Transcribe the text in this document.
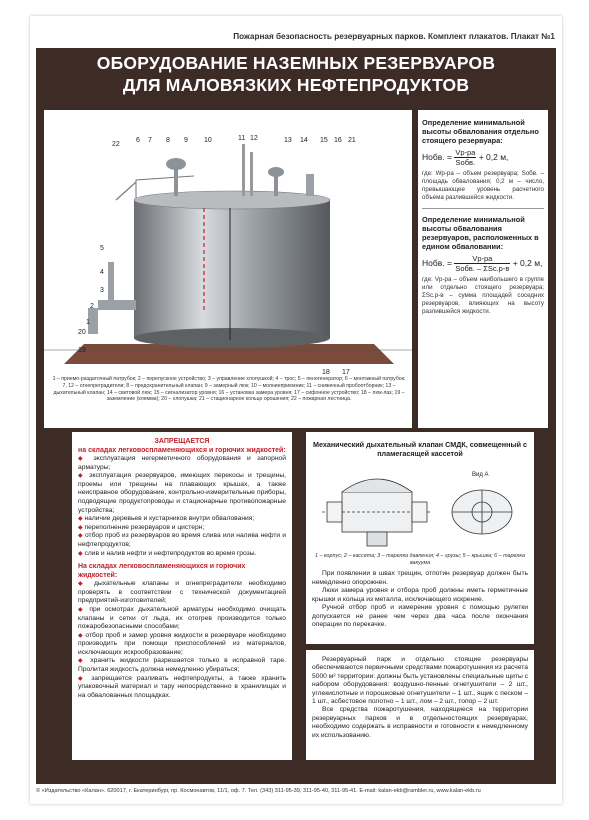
Пожарная безопасность резервуарных парков. Комплект плакатов. Плакат №1
ОБОРУДОВАНИЕ НАЗЕМНЫХ РЕЗЕРВУАРОВ
ДЛЯ МАЛОВЯЗКИХ НЕФТЕПРОДУКТОВ
22
6 7 8 9 10	11 12	13 14 15 16 21
5
4
3
2
1
20
19
18 17
1 – приемо-раздаточный патрубок; 2 – перепускное устройство; 3 – управление хлопушкой; 4 – трос; 5 – пеногенератор; 6 – монтажный патрубок; 7, 12 – огнепреградители; 8 – предохранительный клапан; 9 – замерный люк; 10 – молниеприемник; 11 – сниженный пробоотборник; 13 – дыхательный клапан; 14 – световой люк; 15 – сигнализатор уровня; 16 – установка замера уровня; 17 – сифонное устройство; 18 – люк-лаз; 19 – заземление (клемма); 20 – хлопушка; 21 – стационарное кольцо орошения; 22 – пожарная лестница.
Определение минимальной высоты обвалования отдельно стоящего резервуара:
Hобв. = $\frac{Vр-ра}{\text{Sобв.}} + 0,2$ м,
где: Wр-ра – объем резервуара; Sобв. – площадь обвалования; 0,2 м – число, превышающее уровень расчетного объема разлившейся жидкости.
Определение минимальной высоты обвалования резервуаров, расположенных в едином обваловании:
Hобв. = $\frac{Vр-ра}{\text{Sобв. – ΣSс.р-в}} + 0,2$ м,
где: Vр-ра – объем наибольшего в группе или отдельно стоящего резервуара; ΣSс.р-в – сумма площадей соседних резервуаров, влияющих на высоту разлившейся жидкости.
ЗАПРЕЩАЕТСЯ
на складах легковоспламеняющихся и горючих жидкостей:
◆ эксплуатация негерметичного оборудования и запорной арматуры;
◆ эксплуатация резервуаров, имеющих перекосы и трещины, проемы или трещины на плавающих крышах, а также неисправное оборудование, контрольно-измерительные приборы, подводящие продуктопроводы и стационарные противопожарные устройства;
◆ наличие деревьев и кустарников внутри обвалования;
◆ переполнение резервуаров и цистерн;
◆ отбор проб из резервуаров во время слива или налива нефти и нефтепродуктов;
◆ слив и налив нефти и нефтепродуктов во время грозы.
На складах легковоспламеняющихся и горючих жидкостей:
◆ дыхательные клапаны и огнепреградители необходимо проверять в соответствии с технической документацией предприятий-изготовителей;
◆ при осмотрах дыхательной арматуры необходимо очищать клапаны и сетки от льда, их отогрев производится только пожаробезопасными способами;
◆ отбор проб и замер уровня жидкости в резервуаре необходимо производить при помощи приспособлений из материалов, исключающих искрообразование;
◆ хранить жидкости разрешается только в исправной таре. Пролитая жидкость должна немедленно убираться;
◆ запрещается разливать нефтепродукты, а также хранить упаковочный материал и тару непосредственно в хранилищах и на обвалованных площадках.
Механический дыхательный клапан СМДК, совмещенный с пламегасящей кассетой
Вид А
1 – корпус; 2 – кассета; 3 – тарелка давления; 4 – грузы; 5 – крышка; 6 – тарелка вакуума
При появлении в швах трещин, отпотин резервуар должен быть немедленно опорожнен.
Люки замера уровня и отбора проб должны иметь герметичные крышки и кольца из металла, исключающего искрение.
Ручной отбор проб и измерение уровня с помощью рулетки допускается не ранее чем через два часа после окончания операции по перекачке.
Резервуарный парк и отдельно стоящие резервуары обеспечиваются первичными средствами пожаротушения из расчета 5000 м² территории: должны быть установлены специальные щиты с набором оборудования: воздушно-пенные огнетушители – 2 шт., углекислотные и порошковые огнетушители – 1 шт., ящик с песком – 1 шт., асбестовое полотно – 1 шт., лом – 2 шт., топор – 2 шт.
Все средства пожаротушения, находящиеся на территории резервуарных парков и в отдельностоящих резервуарах, необходимо содержать в исправности и готовности к немедленному их использованию.
© «Издательство «Калан». 620017, г. Екатеринбург, пр. Космонавтов, 11/1, оф. 7. Тел. (343) 311-95-39, 311-95-40, 311-95-41. E-mail: kalan-ekb@rambler.ru, www.kalan-ekb.ru
